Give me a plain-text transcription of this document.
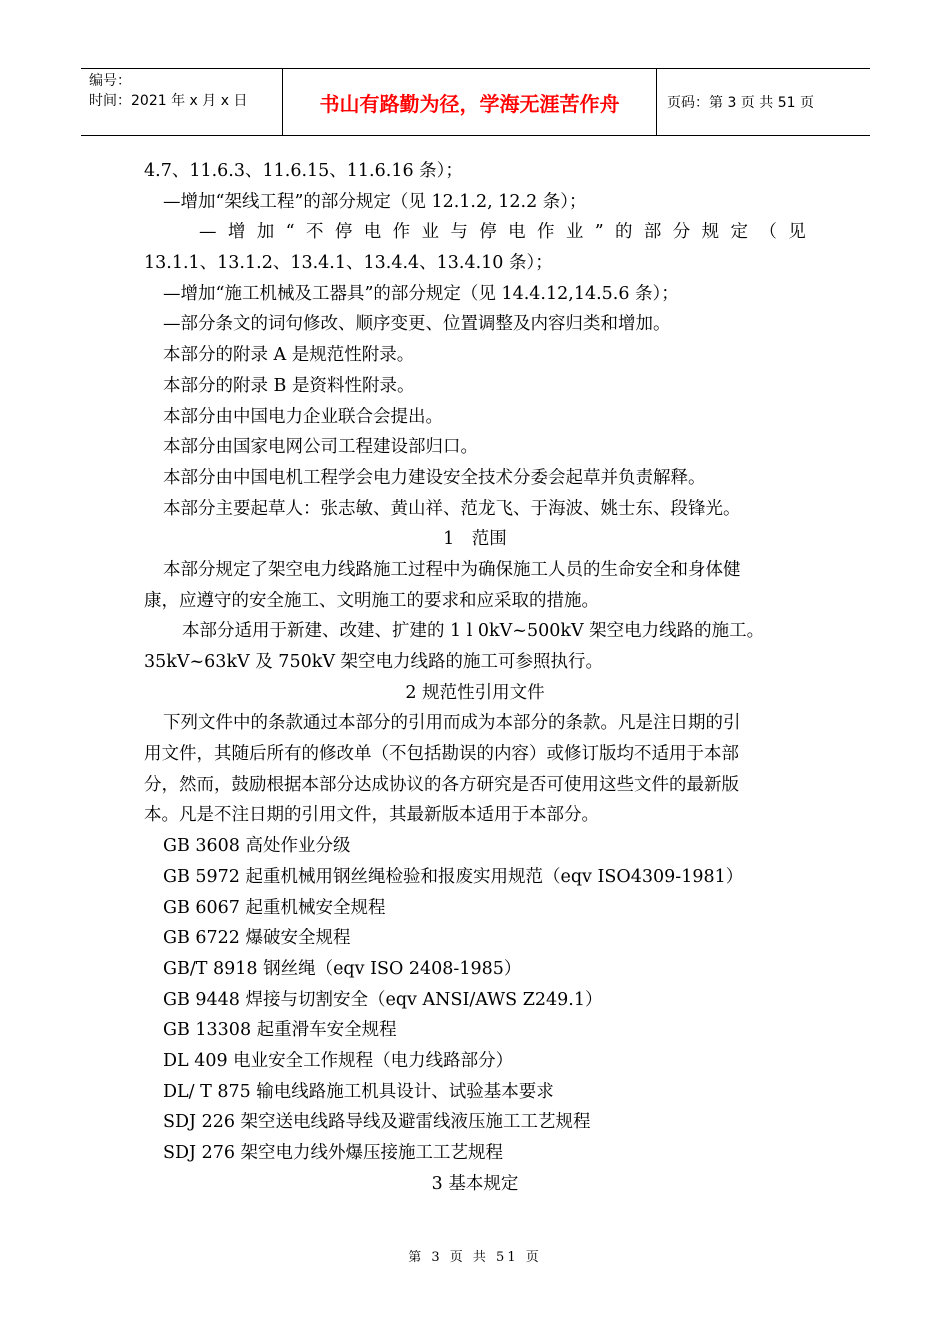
编号：
时间：2021 年 x 月 x 日	书山有路勤为径，学海无涯苦作舟	页码：第 3 页 共 51 页
4.7、11.6.3、11.6.15、11.6.16 条）；
—增加“架线工程”的部分规定（见 12.1.2, 12.2 条）；
— 增 加 “ 不 停 电 作 业 与 停 电 作 业 ” 的 部 分 规 定 （ 见
13.1.1、13.1.2、13.4.1、13.4.4、13.4.10 条）；
—增加“施工机械及工器具”的部分规定（见 14.4.12,14.5.6 条）；
—部分条文的词句修改、顺序变更、位置调整及内容归类和增加。
本部分的附录 A 是规范性附录。
本部分的附录 B 是资料性附录。
本部分由中国电力企业联合会提出。
本部分由国家电网公司工程建设部归口。
本部分由中国电机工程学会电力建设安全技术分委会起草并负责解释。
本部分主要起草人：张志敏、黄山祥、范龙飞、于海波、姚士东、段锋光。
1　范围
本部分规定了架空电力线路施工过程中为确保施工人员的生命安全和身体健
康，应遵守的安全施工、文明施工的要求和应采取的措施。
本部分适用于新建、改建、扩建的 1 l 0kV~500kV 架空电力线路的施工。
35kV~63kV 及 750kV 架空电力线路的施工可参照执行。
2 规范性引用文件
下列文件中的条款通过本部分的引用而成为本部分的条款。凡是注日期的引
用文件，其随后所有的修改单（不包括勘误的内容）或修订版均不适用于本部
分，然而，鼓励根据本部分达成协议的各方研究是否可使用这些文件的最新版
本。凡是不注日期的引用文件，其最新版本适用于本部分。
GB 3608 高处作业分级
GB 5972 起重机械用钢丝绳检验和报废实用规范（eqv ISO4309-1981）
GB 6067 起重机械安全规程
GB 6722 爆破安全规程
GB/T 8918 钢丝绳（eqv ISO 2408-1985）
GB 9448 焊接与切割安全（eqv ANSI/AWS Z249.1）
GB 13308 起重滑车安全规程
DL 409 电业安全工作规程（电力线路部分）
DL/ T 875 输电线路施工机具设计、试验基本要求
SDJ 226 架空送电线路导线及避雷线液压施工工艺规程
SDJ 276 架空电力线外爆压接施工工艺规程
3 基本规定
第 3 页 共 51 页
